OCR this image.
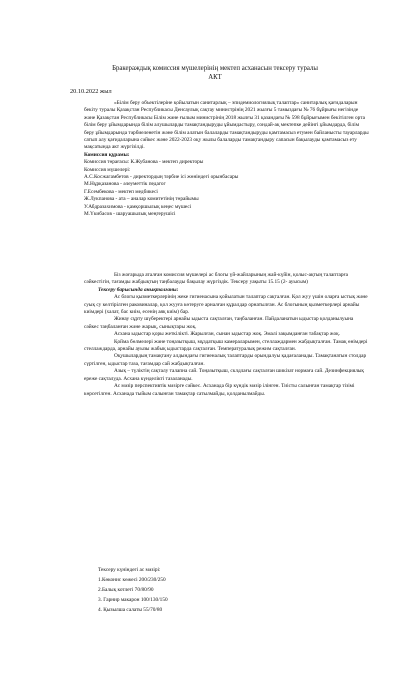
Бракераждық комиссия мүшелерінің мектеп асханасын тексеру туралы
АКТ
20.10.2022 жыл

«Білім беру объектілеріне қойылатын санитарлық – эпидемиологиялық талаптар» санитарлық қағидаларын бекіту туралы Қазақстан Республикасы Денсаулық сақтау министрінің 2021 жылғы 5 тамыздағы № 76 бұйрығы негізінде және Қазақстан Республикасы Білім және ғылым министрінің 2018 жылғы 31 қазандағы № 598 бұйрығымен бекітілген орта білім беру ұйымдарында білім алушыларды тамақтандыруды ұйымдастыру, сондай-ақ мектепке дейінгі ұйымдарда, білім беру ұйымдарында тәрбиеленетін және білім алатын балаларды тамақтандыруды қамтамасыз етумен байланысты тауарларды сатып алу қағидаларына сәйкес және 2022-2023 оқу жылы балаларды тамақтандыру сапасын бақылауды қамтамасыз ету мақсатында акт жүргізілді.

Комиссия құрамы:

Комиссия төрағасы: К.Жубанова - мектеп директоры

Комиссия мүшелері:

А.С.Косжагамбетов - директордың тәрбие ісі жөніндегі орынбасары

М.Нұрқазанова - әлеуметтік педагог

Г.Есембекова - мектеп медбикесі

Ж.Лукпанова - ата – аналар комитетінің төрайымы

У.Абдразахимова - қамқоршылық кеңес мүшесі

М.Үкибасов - шаруашылық меңгерушісі

Біз жоғарыда аталған комиссия мүшелері ас блогы үй-жайларының жай-күйін, қолыс-ақтың талаптарға сәйкестігін, тағамды жабдықтың таңбалауды бақылау жүргіздік. Тексеру уақыты 15.15 (2- ауысым)

Тексеру барысында анықталғаны:

Ас блогы қызметкерлерінің жеке гигиенасына қойылатын талаптар сақталған. Қол жуу үшін оларға ыстық және суық су келтірілген раковиналар, қол жууға көтеруге арналған құралдар орнатылған. Ас блогының қызметкерлері арнайы киімдері (халат, бас киім, есенің аяқ киім) бар.

Жинау сұрту шүберектері арнайы ыдыста сақталған, таңбаланған. Пайдаланатын ыдыстар қолданылуына сәйкес таңбаланған және жарық, сынықтары жоқ.

Асхана ыдыстар қоры жеткілікті. Жарылған, сынан ыдыстар жоқ. Эмалі зақымданған табақтар жоқ.

Қойма бөлмелері және тоңазытқыш, мұздатқыш камераларымен, стеллаждармен жабдықталған. Тамақ өнімдері стеллаждарда, арнайы ауызы жабық ыдыстарда сақталған. Температуралық режим сақталған.

Оқушылардың тамақтану алдындағы гигиеналық талаптарды орындалуы қадағаланады. Тамақтанатын столдар сүртілген, ыдыстар таза, тағамдар сай жабдықталған.

Азық – түліктің сақталу талапна сай. Тоңазытқыш, склдлағы сақталған шикізат нормаға сай. Дезинфекциялық ереже сақталуда. Асхана күнделікті тазаланады.

Ас мәзір перспективтік мәзірге сәйкес. Асханада бір күндік мәзір ілінген. Тиісты салынған тамақтар тізімі көрсетілген. Асханада тыйым салынған тамақтар сатылмайды, қолданылмайды.

Тексеру күніндегі ас мәзірі:

1.Көконис көжесі 200/230/250

2.Балық котлеті 70/80/90

3. Гарнир макарон 100/130/150

4. Қызылша салаты 55/70/80
